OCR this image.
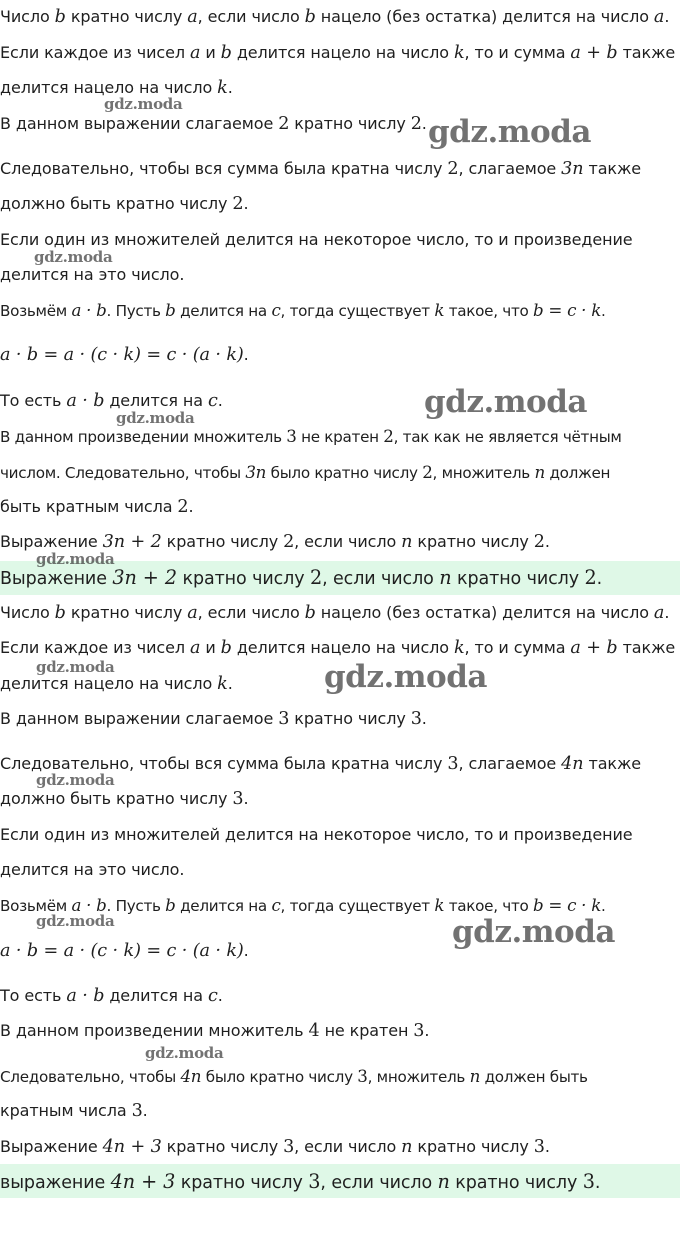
Число b кратно числу a, если число b нацело (без остатка) делится на число a.
Если каждое из чисел a и b делится нацело на число k, то и сумма a + b также
делится нацело на число k.
В данном выражении слагаемое 2 кратно числу 2.
Следовательно, чтобы вся сумма была кратна числу 2, слагаемое 3n также
должно быть кратно числу 2.
Если один из множителей делится на некоторое число, то и произведение
делится на это число.
Возьмём a · b. Пусть b делится на c, тогда существует k такое, что b = c · k.
a · b = a · (c · k) = c · (a · k).
То есть a · b делится на c.
В данном произведении множитель 3 не кратен 2, так как не является чётным
числом. Следовательно, чтобы 3n было кратно числу 2, множитель n должен
быть кратным числа 2.
Выражение 3n + 2 кратно числу 2, если число n кратно числу 2.
Выражение 3n + 2 кратно числу 2, если число n кратно числу 2.
Число b кратно числу a, если число b нацело (без остатка) делится на число a.
Если каждое из чисел a и b делится нацело на число k, то и сумма a + b также
делится нацело на число k.
В данном выражении слагаемое 3 кратно числу 3.
Следовательно, чтобы вся сумма была кратна числу 3, слагаемое 4n также
должно быть кратно числу 3.
Если один из множителей делится на некоторое число, то и произведение
делится на это число.
Возьмём a · b. Пусть b делится на c, тогда существует k такое, что b = c · k.
a · b = a · (c · k) = c · (a · k).
То есть a · b делится на c.
В данном произведении множитель 4 не кратен 3.
Следовательно, чтобы 4n было кратно числу 3, множитель n должен быть
кратным числа 3.
Выражение 4n + 3 кратно числу 3, если число n кратно числу 3.
выражение 4n + 3 кратно числу 3, если число n кратно числу 3.
gdz.moda
gdz.moda
gdz.moda
gdz.moda
gdz.moda
gdz.moda
gdz.moda	gdz.moda
gdz.moda
gdz.moda	gdz.moda
gdz.moda
